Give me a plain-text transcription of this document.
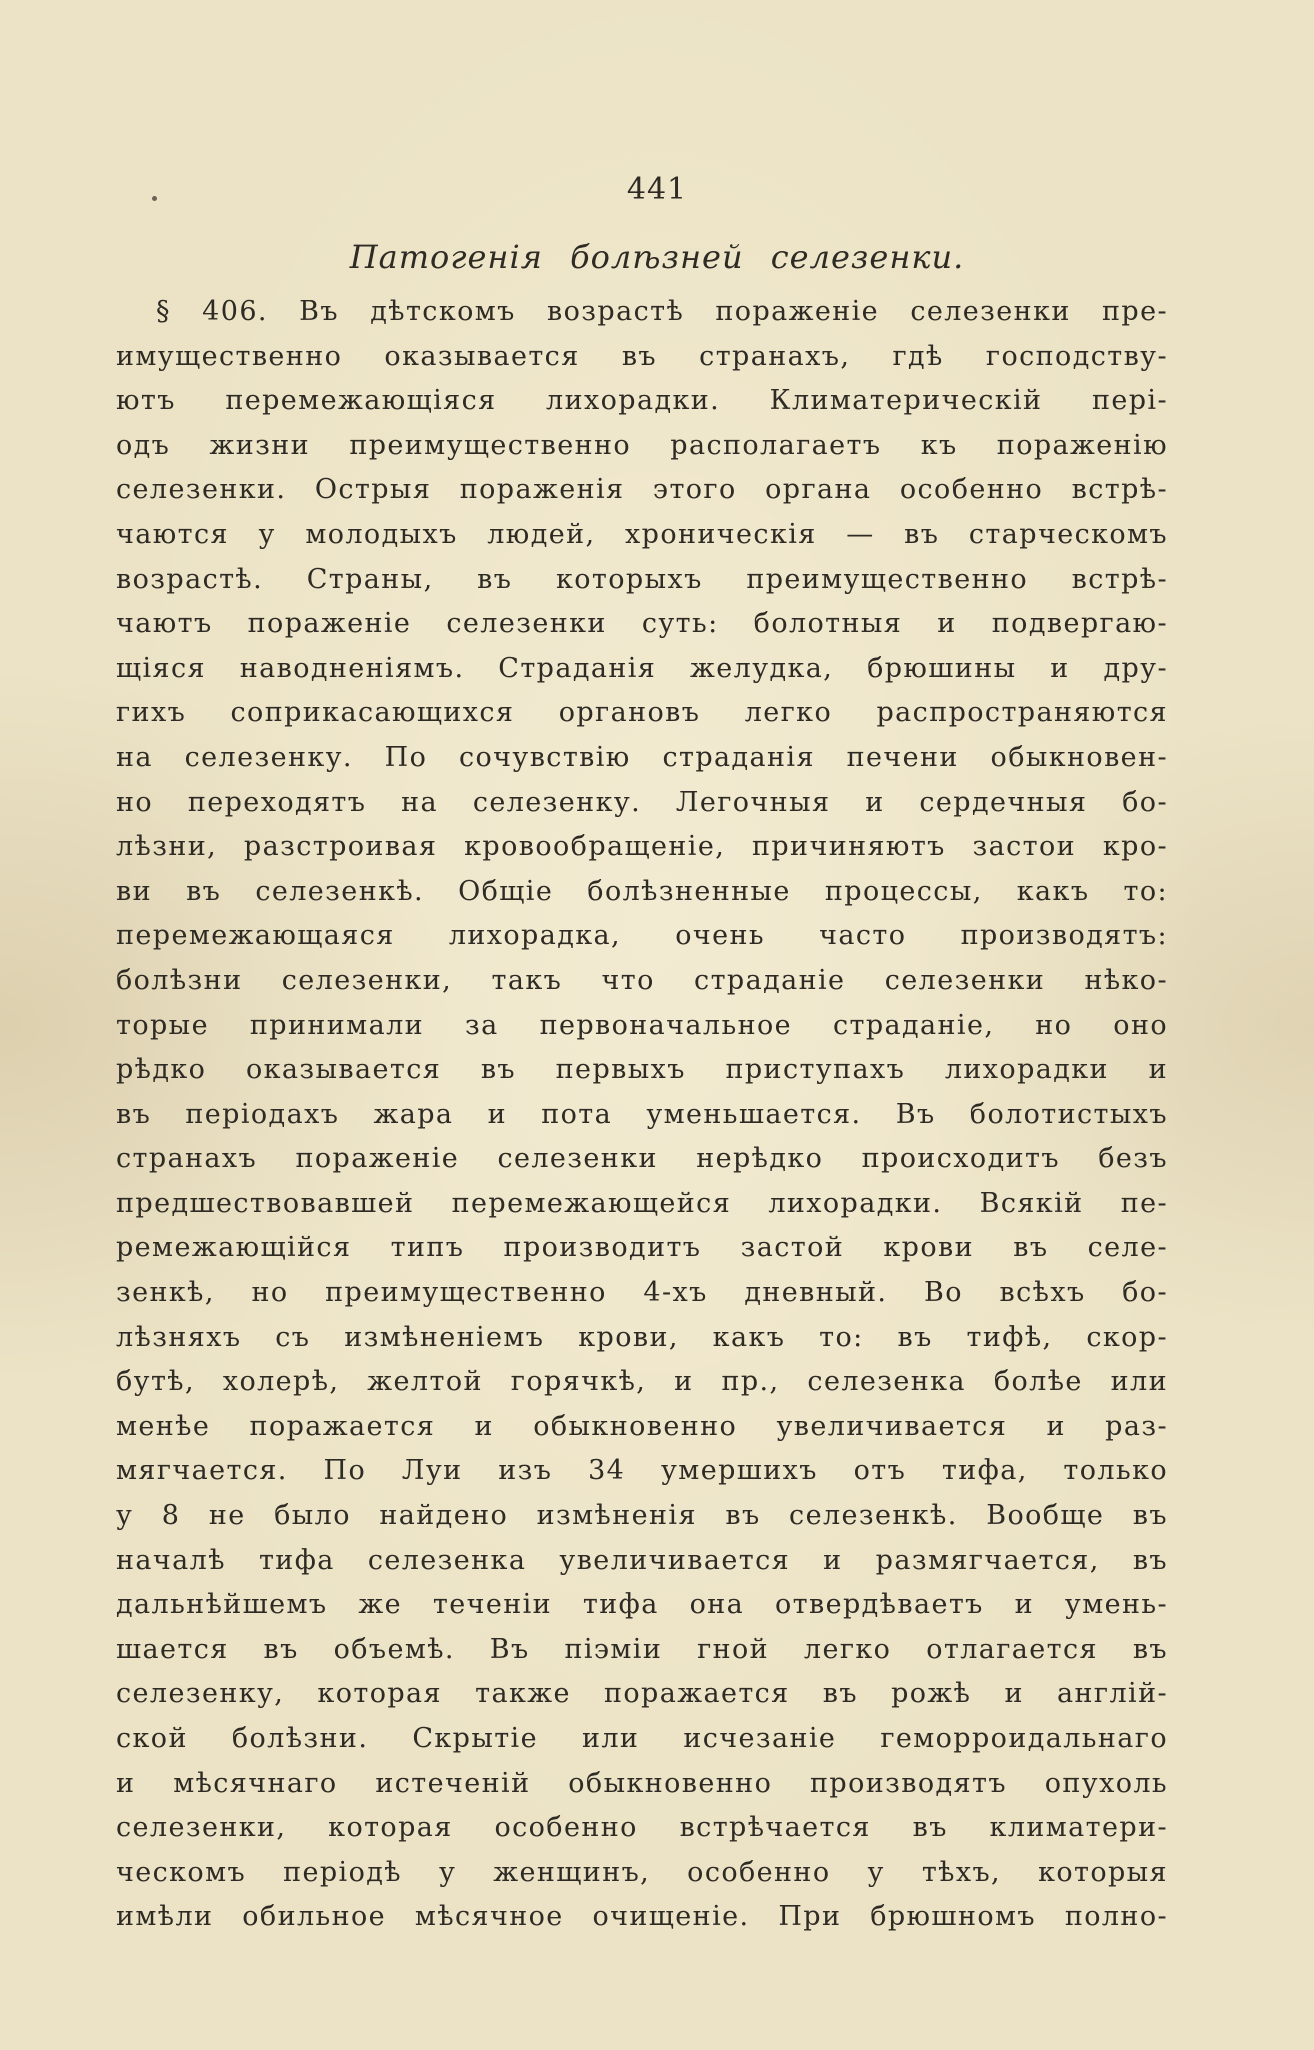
441
Патогенія болѣзней селезенки.
§ 406. Въ дѣтскомъ возрастѣ пораженіе селезенки пре-
имущественно оказывается въ странахъ, гдѣ господству-
ютъ перемежающіяся лихорадки. Климатерическій пері-
одъ жизни преимущественно располагаетъ къ пораженію
селезенки. Острыя пораженія этого органа особенно встрѣ-
чаются у молодыхъ людей, хроническія — въ старческомъ
возрастѣ. Страны, въ которыхъ преимущественно встрѣ-
чаютъ пораженіе селезенки суть: болотныя и подвергаю-
щіяся наводненіямъ. Страданія желудка, брюшины и дру-
гихъ соприкасающихся органовъ легко распространяются
на селезенку. По сочувствію страданія печени обыкновен-
но переходятъ на селезенку. Легочныя и сердечныя бо-
лѣзни, разстроивая кровообращеніе, причиняютъ застои кро-
ви въ селезенкѣ. Общіе болѣзненные процессы, какъ то:
перемежающаяся лихорадка, очень часто производятъ:
болѣзни селезенки, такъ что страданіе селезенки нѣко-
торые принимали за первоначальное страданіе, но оно
рѣдко оказывается въ первыхъ приступахъ лихорадки и
въ періодахъ жара и пота уменьшается. Въ болотистыхъ
странахъ пораженіе селезенки нерѣдко происходитъ безъ
предшествовавшей перемежающейся лихорадки. Всякій пе-
ремежающійся типъ производитъ застой крови въ селе-
зенкѣ, но преимущественно 4-хъ дневный. Во всѣхъ бо-
лѣзняхъ съ измѣненіемъ крови, какъ то: въ тифѣ, скор-
бутѣ, холерѣ, желтой горячкѣ, и пр., селезенка болѣе или
менѣе поражается и обыкновенно увеличивается и раз-
мягчается. По Луи изъ 34 умершихъ отъ тифа, только
у 8 не было найдено измѣненія въ селезенкѣ. Вообще въ
началѣ тифа селезенка увеличивается и размягчается, въ
дальнѣйшемъ же теченіи тифа она отвердѣваетъ и умень-
шается въ объемѣ. Въ піэміи гной легко отлагается въ
селезенку, которая также поражается въ рожѣ и англій-
ской болѣзни. Скрытіе или исчезаніе геморроидальнаго
и мѣсячнаго истеченій обыкновенно производятъ опухоль
селезенки, которая особенно встрѣчается въ климатери-
ческомъ періодѣ у женщинъ, особенно у тѣхъ, которыя
имѣли обильное мѣсячное очищеніе. При брюшномъ полно-
